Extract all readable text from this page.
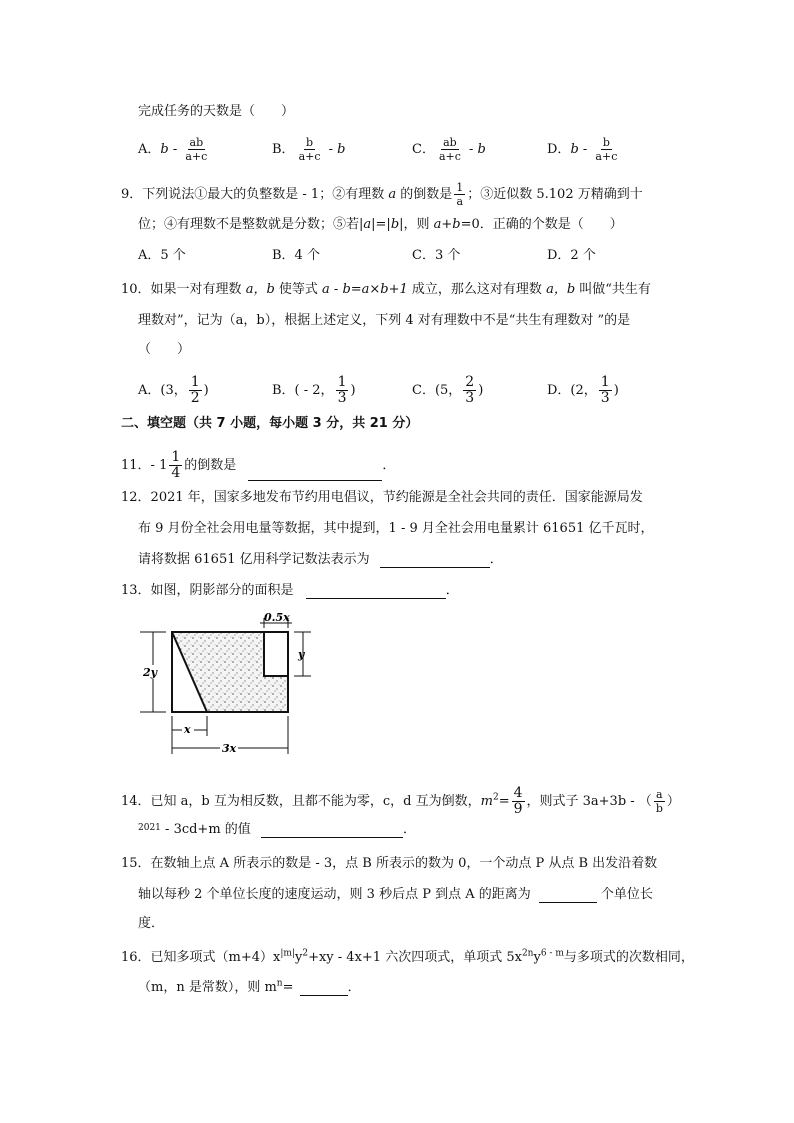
完成任务的天数是（　　）
A．b - $\frac{ab}{a+c}$	B． $\frac{b}{a+c}$ - b	C． $\frac{ab}{a+c}$ - b	D．b - $\frac{b}{a+c}$
9．下列说法①最大的负整数是 - 1；②有理数 a 的倒数是 $\frac{1}{a}$ ；③近似数 5.102 万精确到十
位；④有理数不是整数就是分数；⑤若|a|=|b|，则 a+b=0．正确的个数是（　　）
A．5 个	B．4 个	C．3 个	D．2 个
10．如果一对有理数 a，b 使等式 a - b=a×b+1 成立，那么这对有理数 a，b 叫做“共生有
理数对”，记为（a，b），根据上述定义，下列 4 对有理数中不是“共生有理数对 ”的是
（　　）
A．(3， $\frac{1}{2}$ )	B．( - 2， $\frac{1}{3}$ )	C．(5， $\frac{2}{3}$ )	D．(2， $\frac{1}{3}$ )
二、填空题（共 7 小题，每小题 3 分，共 21 分）
11．- $1 \frac{1}{4}$ 的倒数是	．
12．2021 年，国家多地发布节约用电倡议，节约能源是全社会共同的责任．国家能源局发
布 9 月份全社会用电量等数据，其中提到，1 - 9 月全社会用电量累计 61651 亿千瓦时，
请将数据 61651 亿用科学记数法表示为	．
13．如图，阴影部分的面积是	．
0.5x
y
2y
x
3x
14．已知 a，b 互为相反数，且都不能为零，c，d 互为倒数，$m^2= \frac{4}{9}$ ，则式子 3a+3b - （ $\frac{a}{b}$ ）
$^{2021}$ - 3cd+m 的值	．
15．在数轴上点 A 所表示的数是 - 3，点 B 所表示的数为 0，一个动点 P 从点 B 出发沿着数
轴以每秒 2 个单位长度的速度运动，则 3 秒后点 P 到点 A 的距离为	个单位长
度．
16．已知多项式$(m+4)x^{|m|}y^2+xy - 4x+1$ 六次四项式，单项式 $5x^{2n}y^{6 - m}$与多项式的次数相同，
（m，n 是常数），则 $m^n=$	．
